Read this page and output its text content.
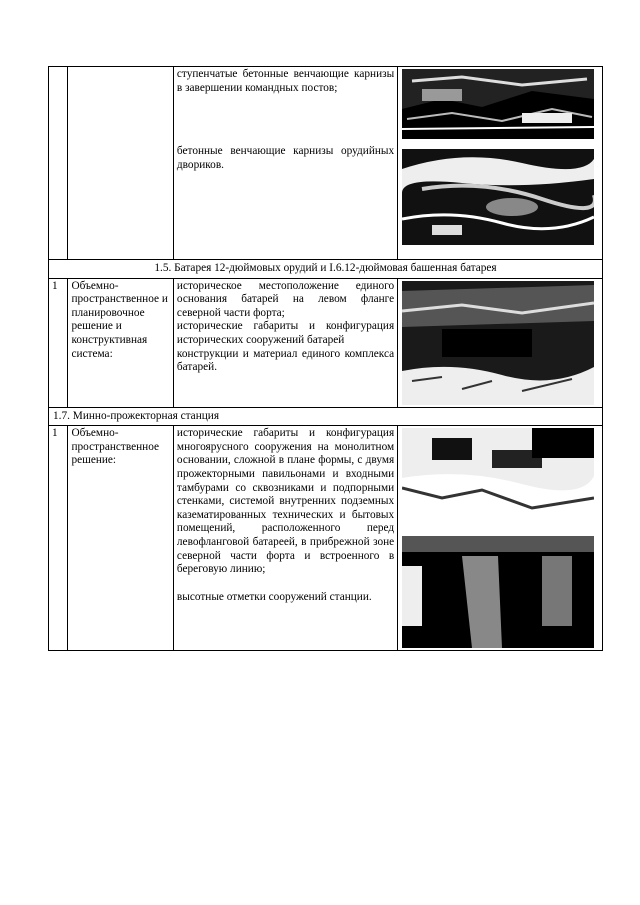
		ступенчатые бетонные венчающие карнизы в завершении командных постов;

бетонные венчающие карнизы орудийных двориков.

1.5. Батарея 12-дюймовых орудий и I.6.12-дюймовая башенная батарея			
1	Объемно-пространственное и планировочное решение и конструктивная система:	историческое местоположение единого основания батарей на левом фланге северной части форта;

исторические габариты и конфигурация исторических сооружений батарей

конструкции и материал единого комплекса батарей.

1.7. Минно-прожекторная станция			
1	Объемно-пространственное решение:	исторические габариты и конфигурация многоярусного сооружения на монолитном основании, сложной в плане формы, с двумя прожекторными павильонами и входными тамбурами со сквозниками и подпорными стенками, системой внутренних подземных казематированных технических и бытовых помещений, расположенного перед левофланговой батареей, в прибрежной зоне северной части форта и встроенного в береговую линию;

высотные отметки сооружений станции.
